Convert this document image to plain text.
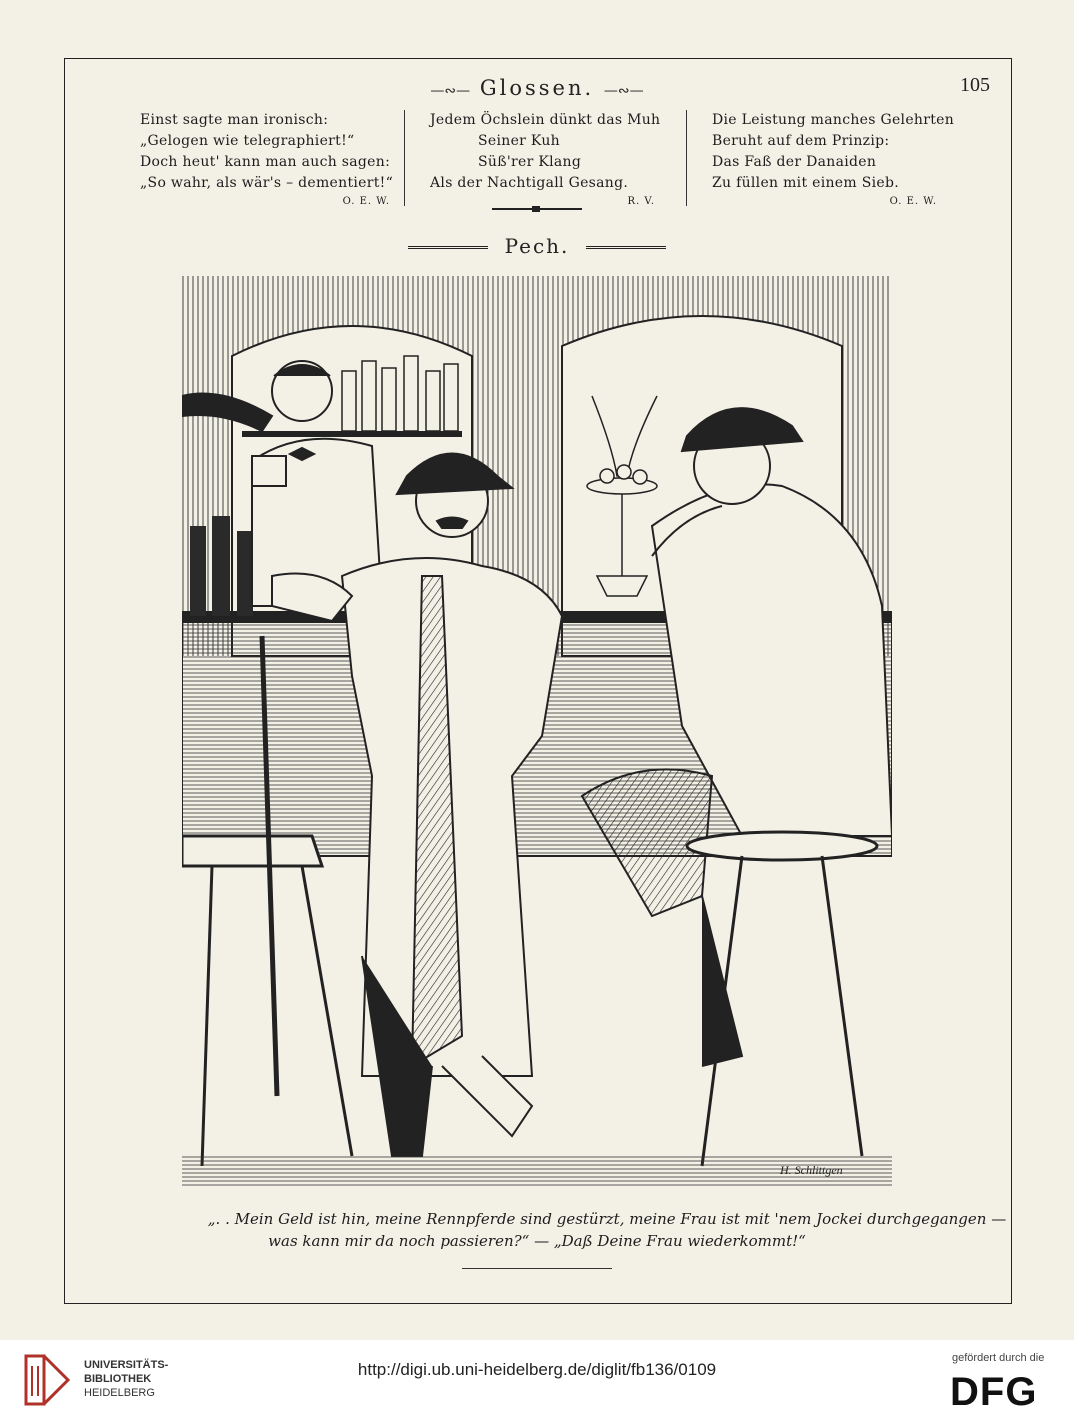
105
—∾— Glossen. —∾—
Einst sagte man ironisch:
„Gelogen wie telegraphiert!“
Doch heut' kann man auch sagen:
„So wahr, als wär's – dementiert!“
O. E. W.
Jedem Öchslein dünkt das Muh
Seiner Kuh
Süß'rer Klang
Als der Nachtigall Gesang.
R. V.
Die Leistung manches Gelehrten
Beruht auf dem Prinzip:
Das Faß der Danaiden
Zu füllen mit einem Sieb.
O. E. W.
Pech.
H. Schlittgen
„. . Mein Geld ist hin, meine Rennpferde sind gestürzt, meine Frau ist mit 'nem Jockei durchgegangen —
was kann mir da noch passieren?“ — „Daß Deine Frau wiederkommt!“
UNIVERSITÄTS-
BIBLIOTHEK
HEIDELBERG
http://digi.ub.uni-heidelberg.de/diglit/fb136/0109
gefördert durch die
DFG
